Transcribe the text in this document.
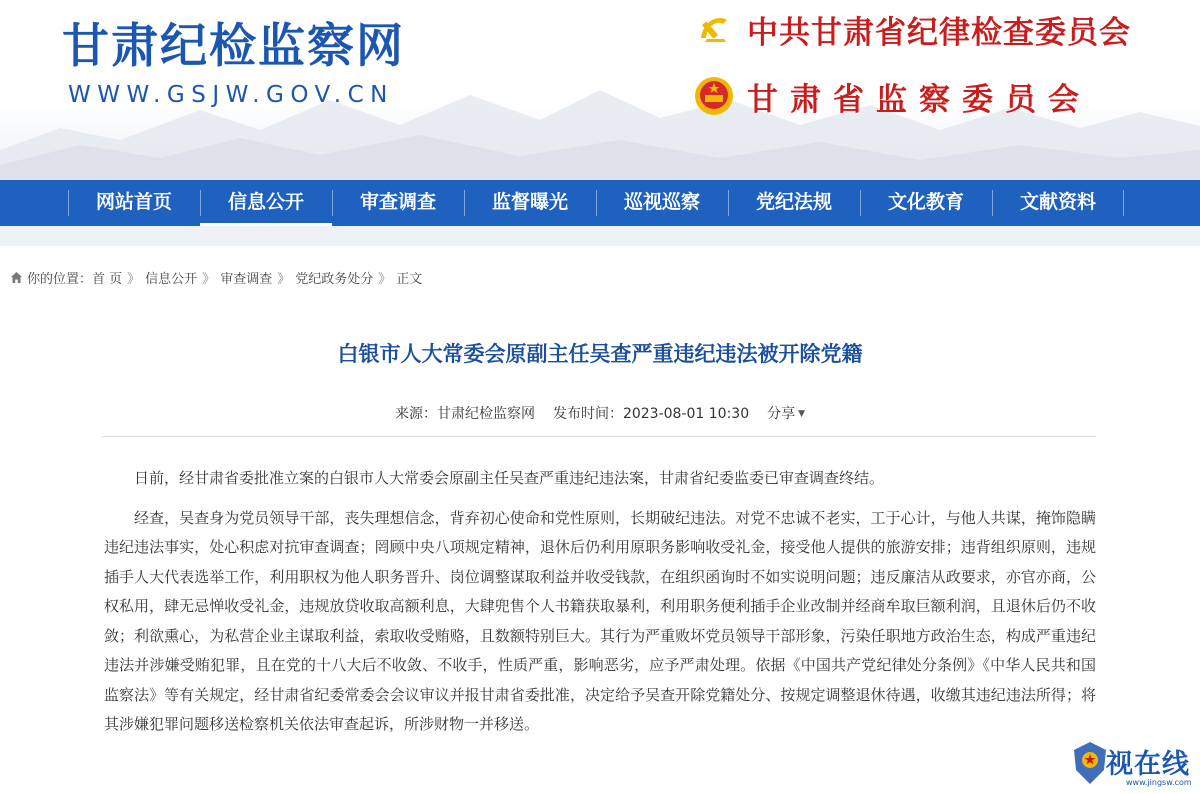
甘肃纪检监察网
WWW.GSJW.GOV.CN
中共甘肃省纪律检查委员会
甘肃省监察委员会
网站首页	信息公开	审查调查	监督曝光	巡视巡察	党纪法规	文化教育	文献资料
你的位置： 首 页 》 信息公开 》 审查调查 》 党纪政务处分 》 正文
白银市人大常委会原副主任吴查严重违纪违法被开除党籍
来源：甘肃纪检监察网 发布时间：2023-08-01 10:30 分享 ▼

日前，经甘肃省委批准立案的白银市人大常委会原副主任吴查严重违纪违法案，甘肃省纪委监委已审查调查终结。

经查，吴查身为党员领导干部，丧失理想信念，背弃初心使命和党性原则，长期破纪违法。对党不忠诚不老实，工于心计，与他人共谋，掩饰隐瞒违纪违法事实，处心积虑对抗审查调查；罔顾中央八项规定精神，退休后仍利用原职务影响收受礼金，接受他人提供的旅游安排；违背组织原则，违规插手人大代表选举工作，利用职权为他人职务晋升、岗位调整谋取利益并收受钱款，在组织函询时不如实说明问题；违反廉洁从政要求，亦官亦商，公权私用，肆无忌惮收受礼金，违规放贷收取高额利息，大肆兜售个人书籍获取暴利，利用职务便利插手企业改制并经商牟取巨额利润，且退休后仍不收敛；利欲熏心，为私营企业主谋取利益，索取收受贿赂，且数额特别巨大。其行为严重败坏党员领导干部形象，污染任职地方政治生态，构成严重违纪违法并涉嫌受贿犯罪，且在党的十八大后不收敛、不收手，性质严重，影响恶劣，应予严肃处理。依据《中国共产党纪律处分条例》《中华人民共和国监察法》等有关规定，经甘肃省纪委常委会会议审议并报甘肃省委批准，决定给予吴查开除党籍处分、按规定调整退休待遇，收缴其违纪违法所得；将其涉嫌犯罪问题移送检察机关依法审查起诉，所涉财物一并移送。

视在线
www.jingsw.com
